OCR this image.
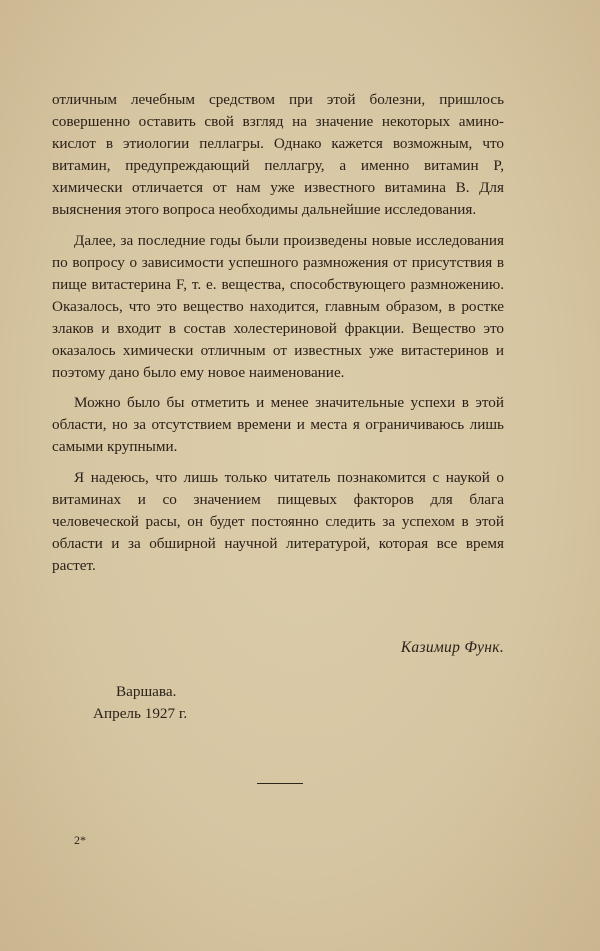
отличным лечебным средством при этой болезни, пришлось совершенно оставить свой взгляд на значение некоторых амино-кислот в этиологии пеллагры. Однако кажется возможным, что витамин, предупреждающий пеллагру, а именно витамин P, химически отличается от нам уже известного витамина B. Для выяснения этого вопроса необходимы дальнейшие исследования.

Далее, за последние годы были произведены новые исследования по вопросу о зависимости успешного размножения от присутствия в пище витастерина F, т. е. вещества, способствующего размножению. Оказалось, что это вещество находится, главным образом, в ростке злаков и входит в состав холестериновой фракции. Вещество это оказалось химически отличным от известных уже витастеринов и поэтому дано было ему новое наименование.

Можно было бы отметить и менее значительные успехи в этой области, но за отсутствием времени и места я ограничиваюсь лишь самыми крупными.

Я надеюсь, что лишь только читатель познакомится с наукой о витаминах и со значением пищевых факторов для блага человеческой расы, он будет постоянно следить за успехом в этой области и за обширной научной литературой, которая все время растет.

Казимир Функ.
Варшава.
Апрель 1927 г.
2*
